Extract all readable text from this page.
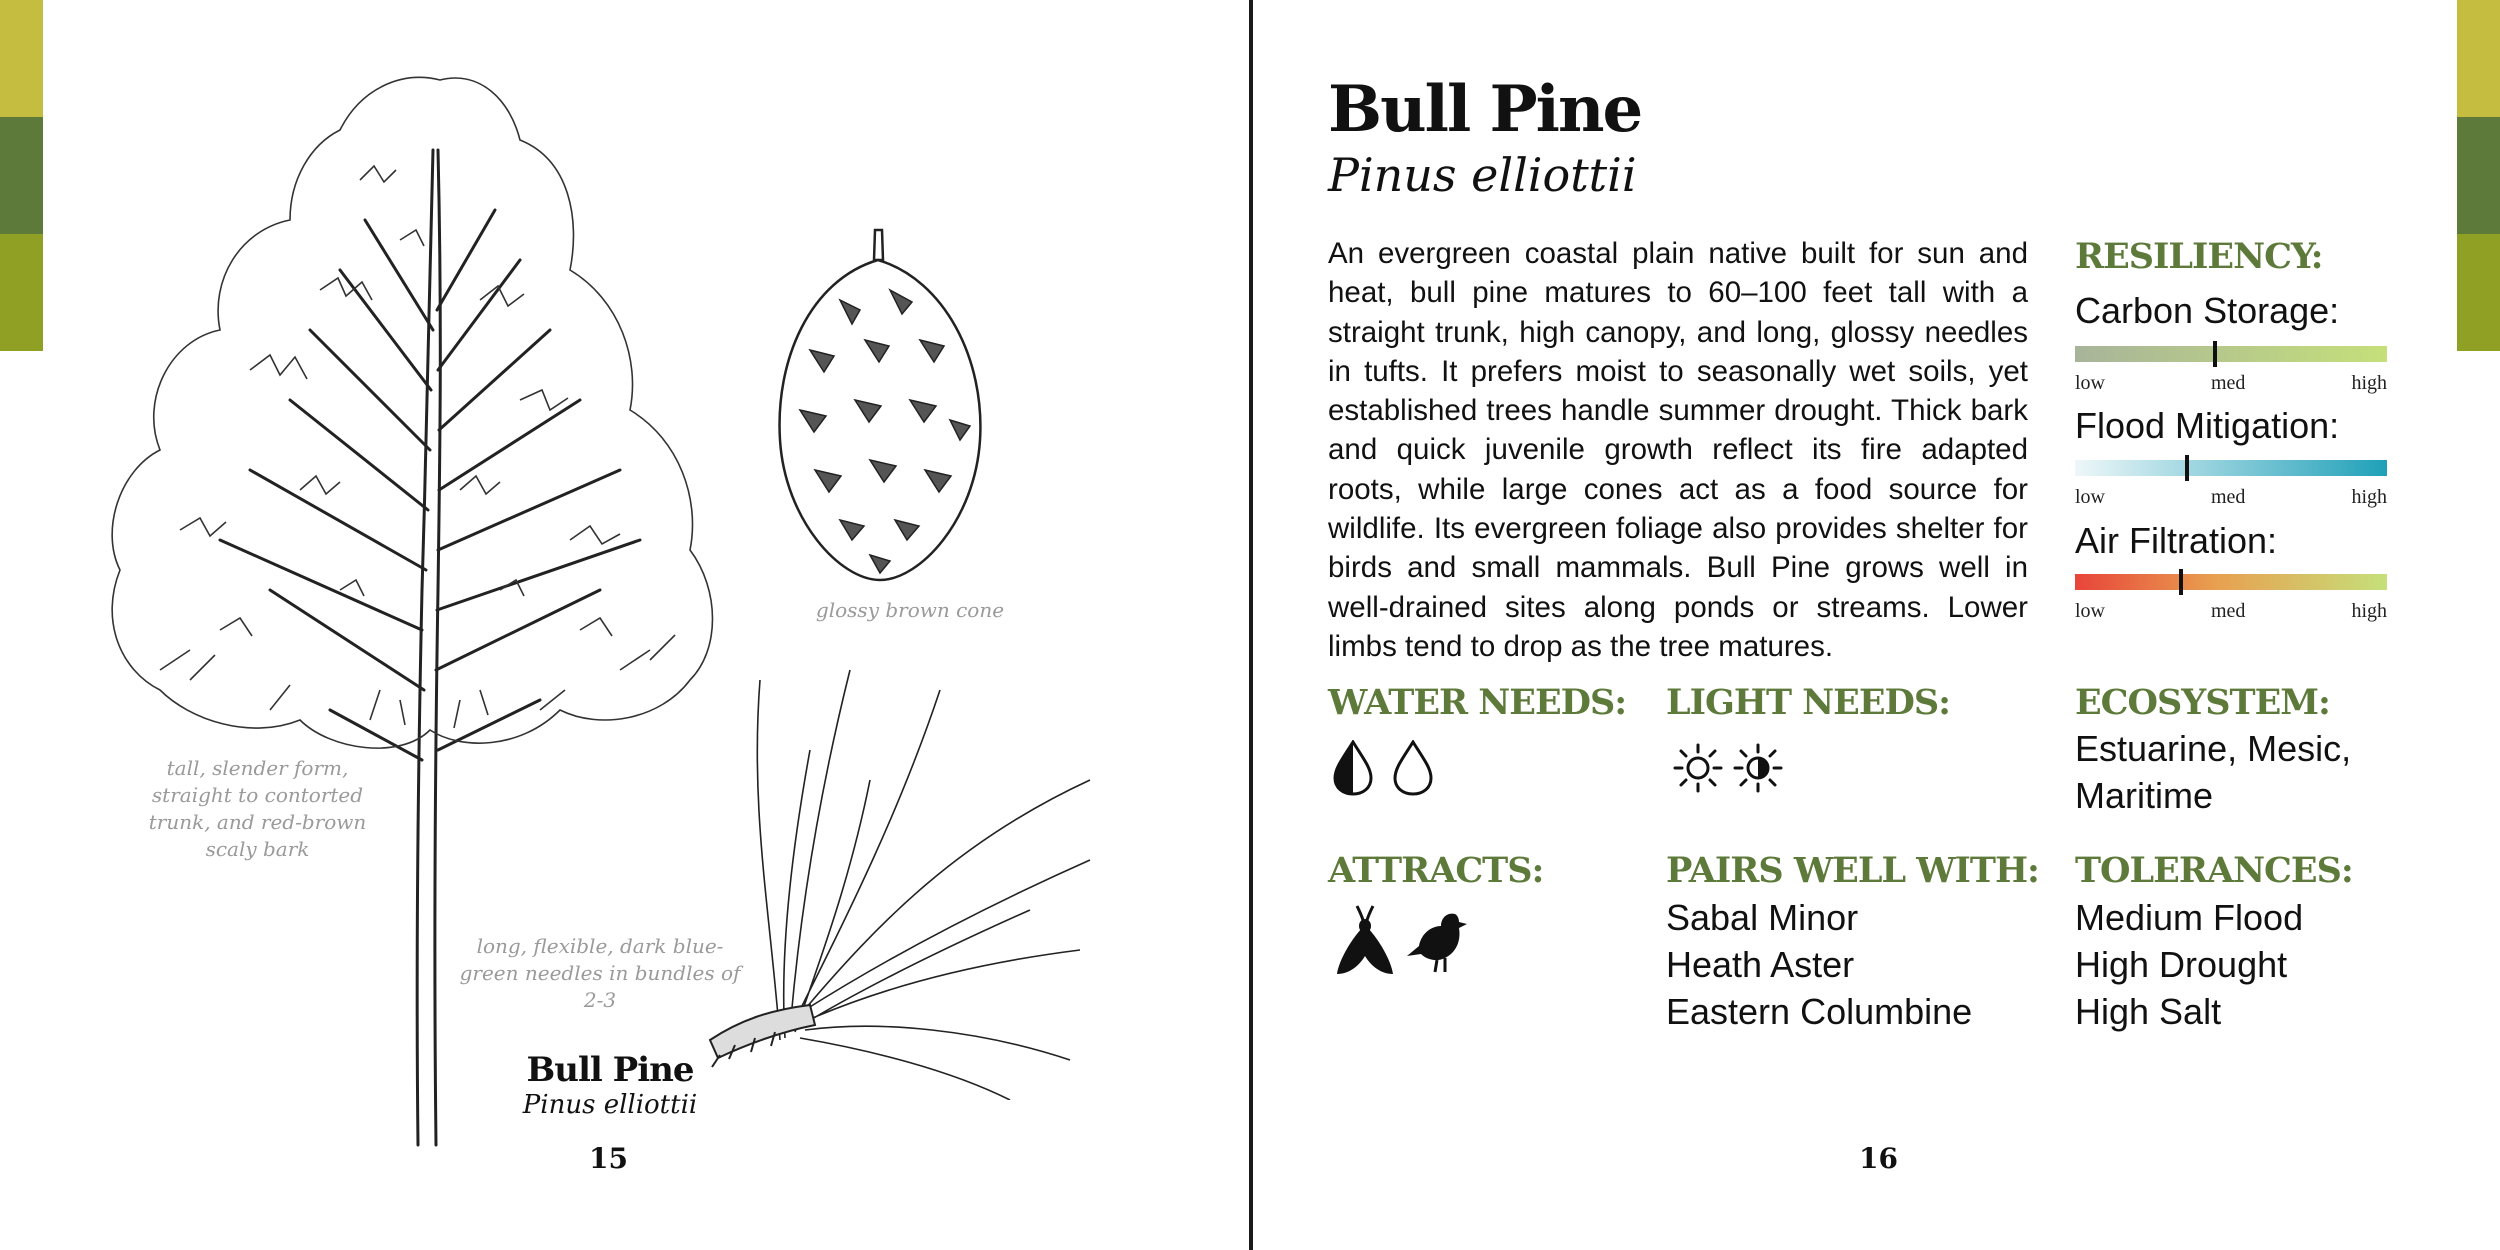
glossy brown cone
tall, slender form, straight to contorted trunk, and red-brown scaly bark
long, flexible, dark blue-green needles in bundles of 2-3
Bull Pine
Pinus elliottii
15
Bull Pine
Pinus elliottii
An evergreen coastal plain native built for sun and heat, bull pine matures to 60–100 feet tall with a straight trunk, high canopy, and long, glossy needles in tufts. It prefers moist to seasonally wet soils, yet established trees handle summer drought. Thick bark and quick juvenile growth reflect its fire adapted roots, while large cones act as a food source for wildlife. Its evergreen foliage also provides shelter for birds and small mammals. Bull Pine grows well in well-drained sites along ponds or streams. Lower limbs tend to drop as the tree matures.
RESILIENCY:
Carbon Storage:
low	med	high
Flood Mitigation:
low	med	high
Air Filtration:
low	med	high
WATER NEEDS: LIGHT NEEDS:	ECOSYSTEM:
Estuarine, Mesic,
Maritime
ATTRACTS:	PAIRS WELL WITH:
Sabal Minor
Heath Aster
Eastern Columbine
TOLERANCES:
Medium Flood
High Drought
High Salt
16
